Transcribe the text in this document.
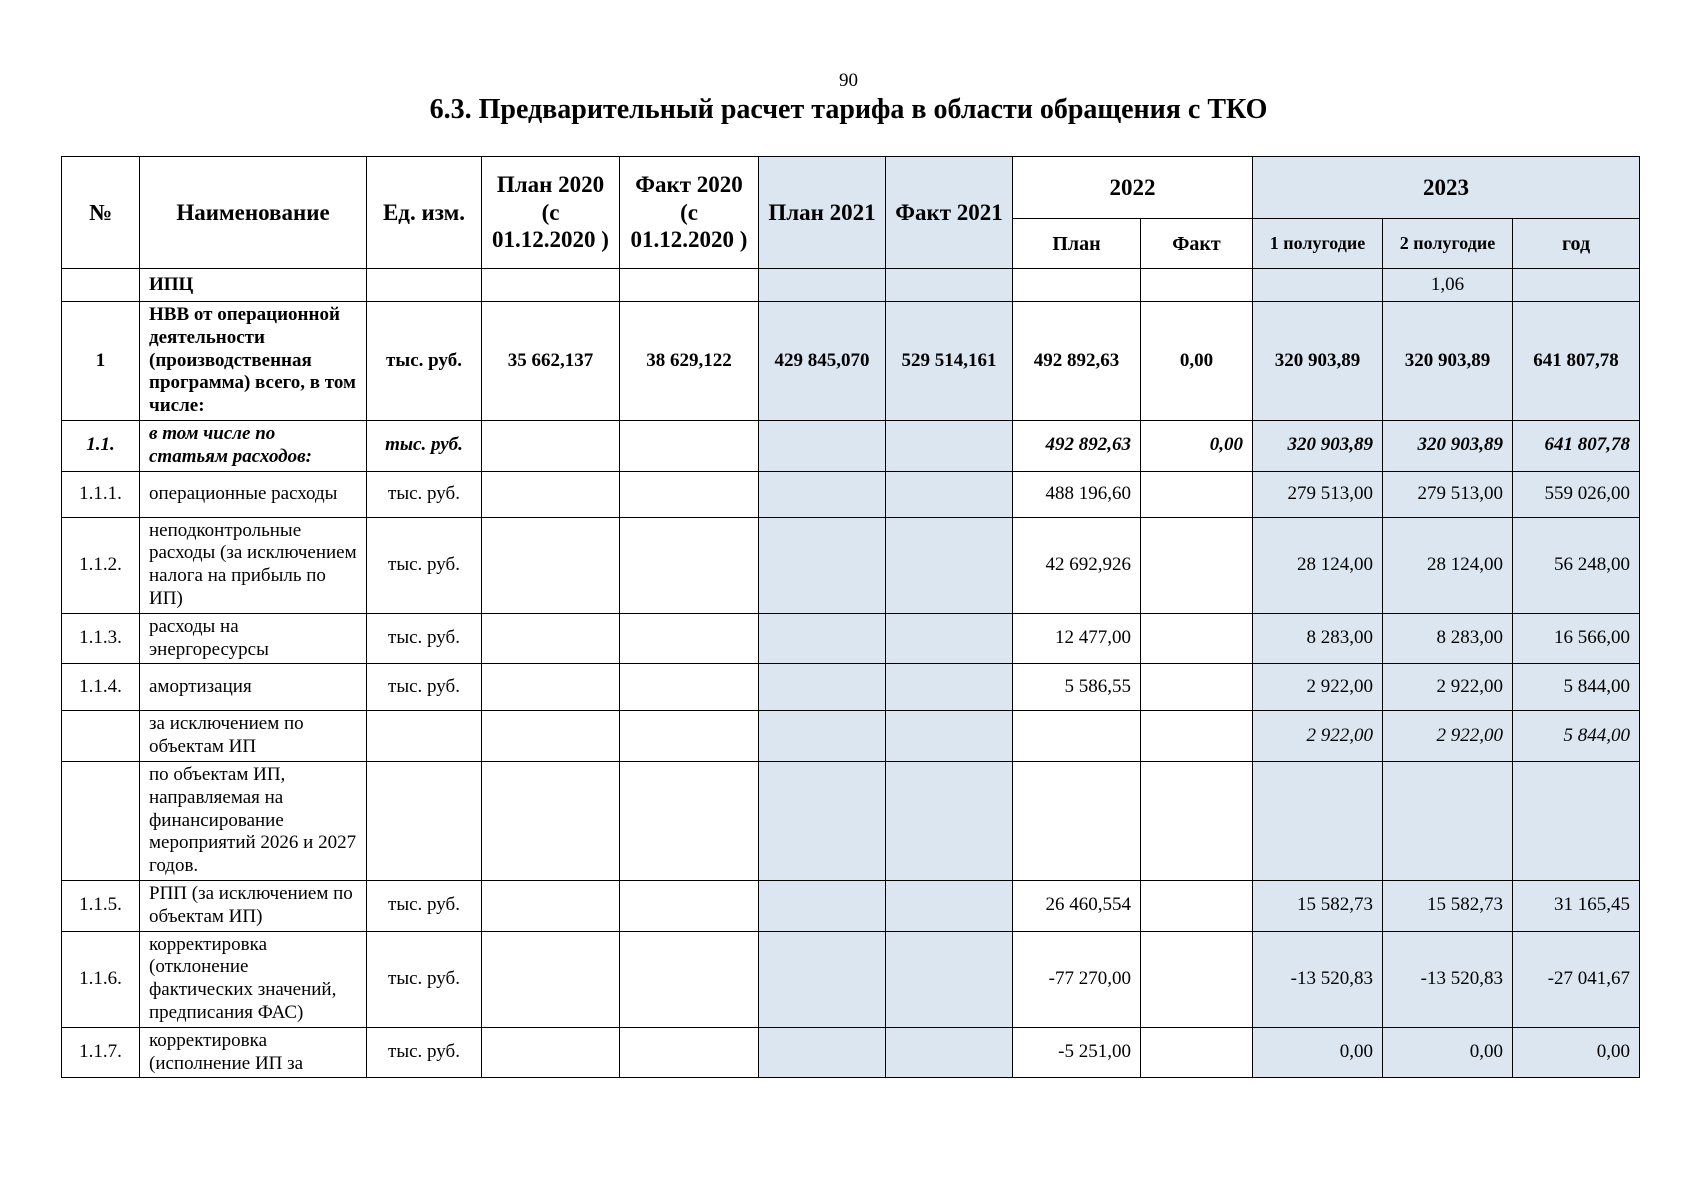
90
6.3. Предварительный расчет тарифа в области обращения с ТКО
№	Наименование	Ед. изм.	План 2020 (с 01.12.2020 )	Факт 2020 (с 01.12.2020 )	План 2021	Факт 2021	2022		2023		
							План	Факт	1 полугодие	2 полугодие	год
	ИПЦ									1,06	
1	НВВ от операционной деятельности (производственная программа) всего, в том числе:	тыс. руб.	35 662,137	38 629,122	429 845,070	529 514,161	492 892,63	0,00	320 903,89	320 903,89	641 807,78
1.1.	в том числе по статьям расходов:	тыс. руб.					492 892,63	0,00	320 903,89	320 903,89	641 807,78
1.1.1.	операционные расходы	тыс. руб.					488 196,60		279 513,00	279 513,00	559 026,00
1.1.2.	неподконтрольные расходы (за исключением налога на прибыль по ИП)	тыс. руб.					42 692,926		28 124,00	28 124,00	56 248,00
1.1.3.	расходы на энергоресурсы	тыс. руб.					12 477,00		8 283,00	8 283,00	16 566,00
1.1.4.	амортизация	тыс. руб.					5 586,55		2 922,00	2 922,00	5 844,00
	за исключением по объектам ИП								2 922,00	2 922,00	5 844,00
	по объектам ИП, направляемая на финансирование мероприятий 2026 и 2027 годов.										
1.1.5.	РПП (за исключением по объектам ИП)	тыс. руб.					26 460,554		15 582,73	15 582,73	31 165,45
1.1.6.	корректировка (отклонение фактических значений, предписания ФАС)	тыс. руб.					-77 270,00		-13 520,83	-13 520,83	-27 041,67
1.1.7.	корректировка (исполнение ИП за	тыс. руб.					-5 251,00		0,00	0,00	0,00
